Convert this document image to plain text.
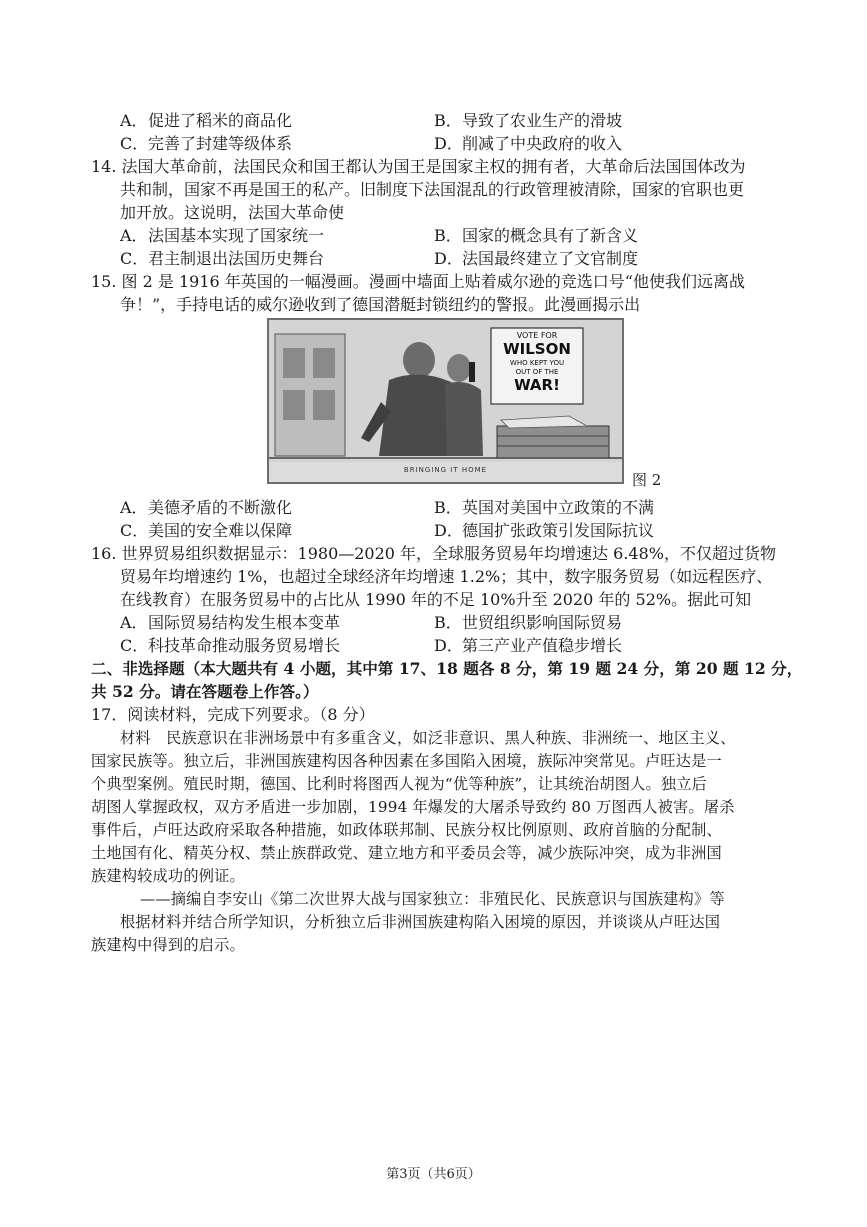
A．促进了稻米的商品化	B．导致了农业生产的滑坡
C．完善了封建等级体系	D．削减了中央政府的收入
14. 法国大革命前，法国民众和国王都认为国王是国家主权的拥有者，大革命后法国国体改为
共和制，国家不再是国王的私产。旧制度下法国混乱的行政管理被清除，国家的官职也更
加开放。这说明，法国大革命使
A．法国基本实现了国家统一	B．国家的概念具有了新含义
C．君主制退出法国历史舞台	D．法国最终建立了文官制度
15. 图 2 是 1916 年英国的一幅漫画。漫画中墙面上贴着威尔逊的竞选口号“他使我们远离战
争！”，手持电话的威尔逊收到了德国潜艇封锁纽约的警报。此漫画揭示出
VOTE FOR
WILSON
WHO KEPT YOU
OUT OF THE
WAR!
BRINGING IT HOME
图 2
A．美德矛盾的不断激化	B．英国对美国中立政策的不满
C．美国的安全难以保障	D．德国扩张政策引发国际抗议
16. 世界贸易组织数据显示：1980—2020 年，全球服务贸易年均增速达 6.48%，不仅超过货物
贸易年均增速约 1%，也超过全球经济年均增速 1.2%；其中，数字服务贸易（如远程医疗、
在线教育）在服务贸易中的占比从 1990 年的不足 10%升至 2020 年的 52%。据此可知
A．国际贸易结构发生根本变革	B．世贸组织影响国际贸易
C．科技革命推动服务贸易增长	D．第三产业产值稳步增长
二、非选择题（本大题共有 4 小题，其中第 17、18 题各 8 分，第 19 题 24 分，第 20 题 12 分，
共 52 分。请在答题卷上作答。）
17．阅读材料，完成下列要求。（8 分）
材料　民族意识在非洲场景中有多重含义，如泛非意识、黑人种族、非洲统一、地区主义、
国家民族等。独立后，非洲国族建构因各种因素在多国陷入困境，族际冲突常见。卢旺达是一
个典型案例。殖民时期，德国、比利时将图西人视为“优等种族”，让其统治胡图人。独立后
胡图人掌握政权，双方矛盾进一步加剧，1994 年爆发的大屠杀导致约 80 万图西人被害。屠杀
事件后，卢旺达政府采取各种措施，如政体联邦制、民族分权比例原则、政府首脑的分配制、
土地国有化、精英分权、禁止族群政党、建立地方和平委员会等，减少族际冲突，成为非洲国
族建构较成功的例证。
——摘编自李安山《第二次世界大战与国家独立：非殖民化、民族意识与国族建构》等
根据材料并结合所学知识，分析独立后非洲国族建构陷入困境的原因，并谈谈从卢旺达国
族建构中得到的启示。
第3页（共6页）
